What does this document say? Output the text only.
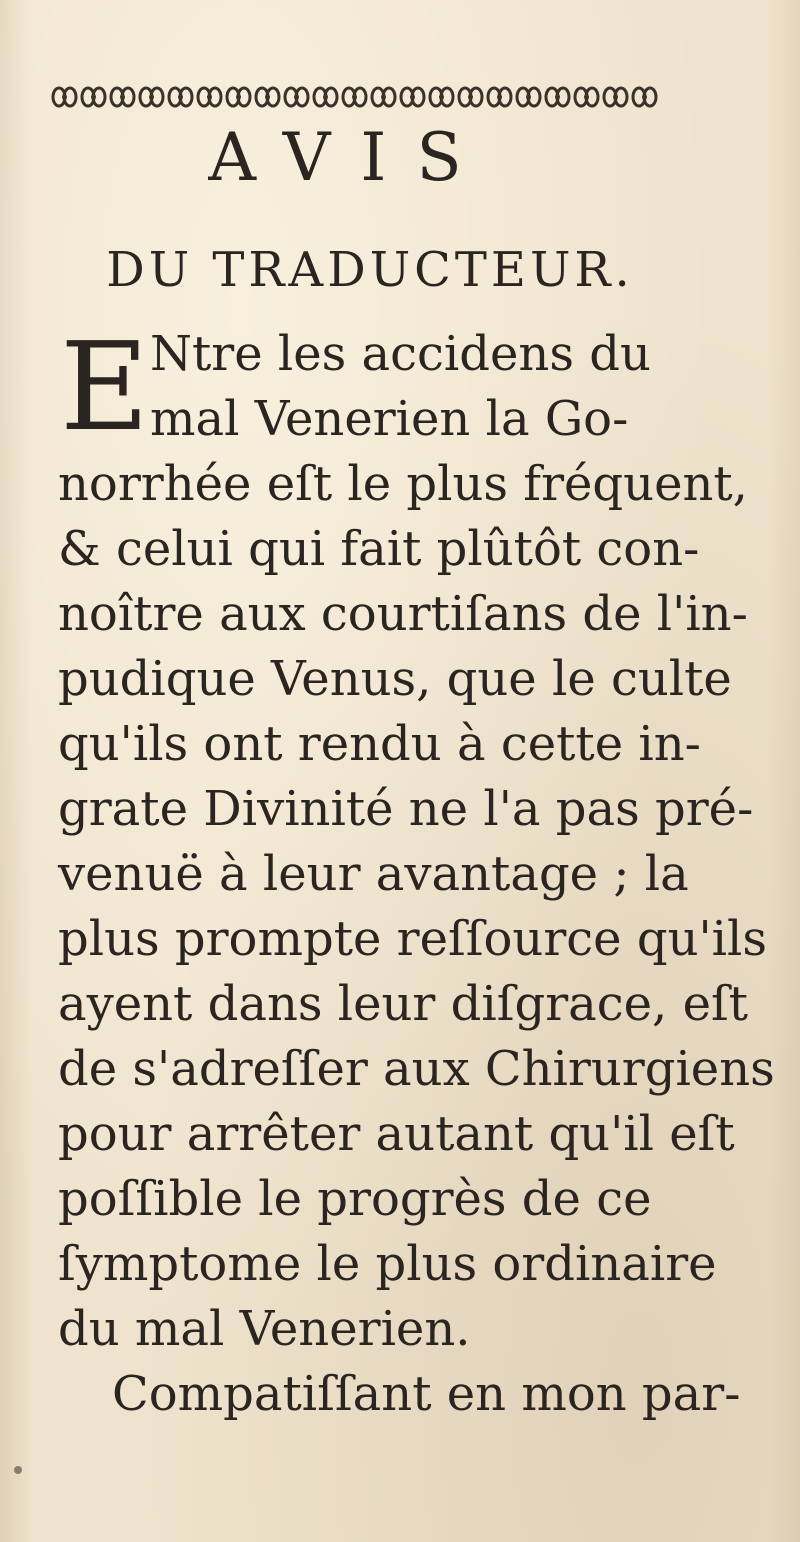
AVIS
DU TRADUCTEUR.
E Ntre les accidens du
mal Venerien la Go-
norrhée eſt le plus fréquent,
& celui qui fait plûtôt con-
noître aux courtiſans de l'in-
pudique Venus, que le culte
qu'ils ont rendu à cette in-
grate Divinité ne l'a pas pré-
venuë à leur avantage ; la
plus prompte reſſource qu'ils
ayent dans leur diſgrace, eſt
de s'adreſſer aux Chirurgiens
pour arrêter autant qu'il eſt
poſſible le progrès de ce
ſymptome le plus ordinaire
du mal Venerien.
Compatiſſant en mon par-
